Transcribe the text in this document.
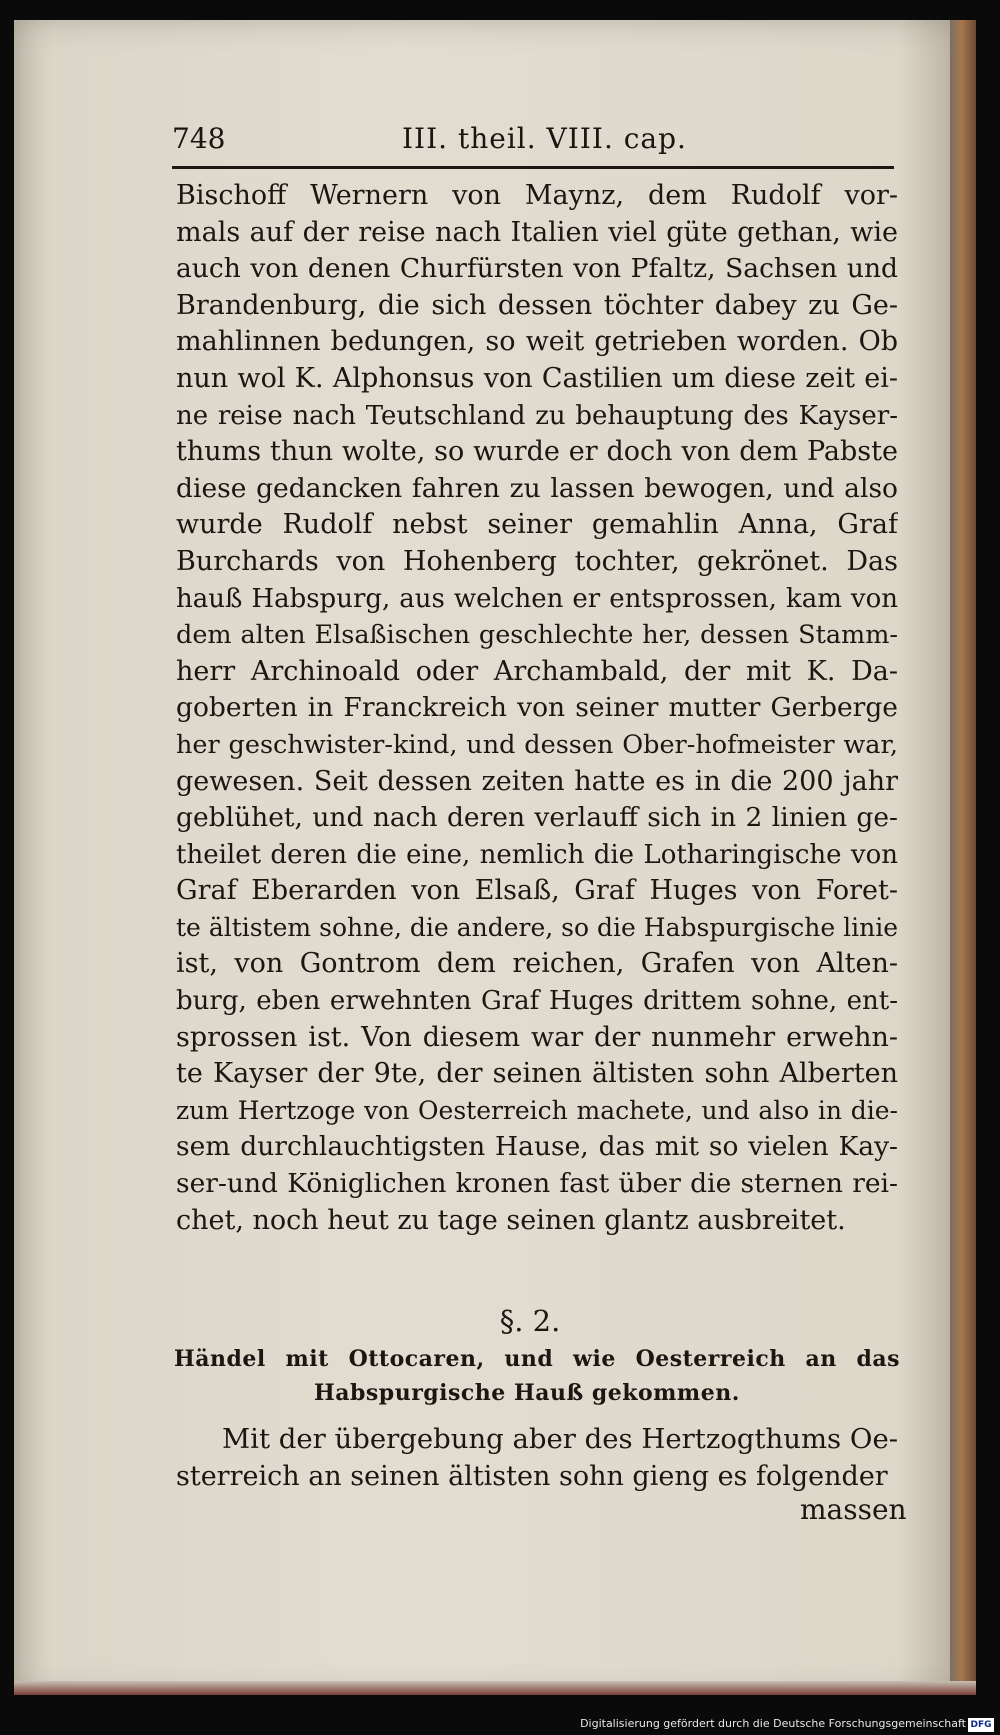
748	III. theil. VIII. cap.
Bischoff Wernern von Maynz, dem Rudolf vor-
mals auf der reise nach Italien viel güte gethan, wie
auch von denen Churfürsten von Pfaltz, Sachsen und
Brandenburg, die sich dessen töchter dabey zu Ge-
mahlinnen bedungen, so weit getrieben worden. Ob
nun wol K. Alphonsus von Castilien um diese zeit ei-
ne reise nach Teutschland zu behauptung des Kayser-
thums thun wolte, so wurde er doch von dem Pabste
diese gedancken fahren zu lassen bewogen, und also
wurde Rudolf nebst seiner gemahlin Anna, Graf
Burchards von Hohenberg tochter, gekrönet. Das
hauß Habspurg, aus welchen er entsprossen, kam von
dem alten Elsaßischen geschlechte her, dessen Stamm-
herr Archinoald oder Archambald, der mit K. Da-
goberten in Franckreich von seiner mutter Gerberge
her geschwister-kind, und dessen Ober-hofmeister war,
gewesen. Seit dessen zeiten hatte es in die 200 jahr
geblühet, und nach deren verlauff sich in 2 linien ge-
theilet deren die eine, nemlich die Lotharingische von
Graf Eberarden von Elsaß, Graf Huges von Foret-
te ältistem sohne, die andere, so die Habspurgische linie
ist, von Gontrom dem reichen, Grafen von Alten-
burg, eben erwehnten Graf Huges drittem sohne, ent-
sprossen ist. Von diesem war der nunmehr erwehn-
te Kayser der 9te, der seinen ältisten sohn Alberten
zum Hertzoge von Oesterreich machete, und also in die-
sem durchlauchtigsten Hause, das mit so vielen Kay-
ser-und Königlichen kronen fast über die sternen rei-
chet, noch heut zu tage seinen glantz ausbreitet.
§. 2.
Händel mit Ottocaren, und wie Oesterreich an das
Habspurgische Hauß gekommen.
Mit der übergebung aber des Hertzogthums Oe-
sterreich an seinen ältisten sohn gieng es folgender
massen
Digitalisierung gefördert durch die Deutsche Forschungsgemeinschaft DFG
